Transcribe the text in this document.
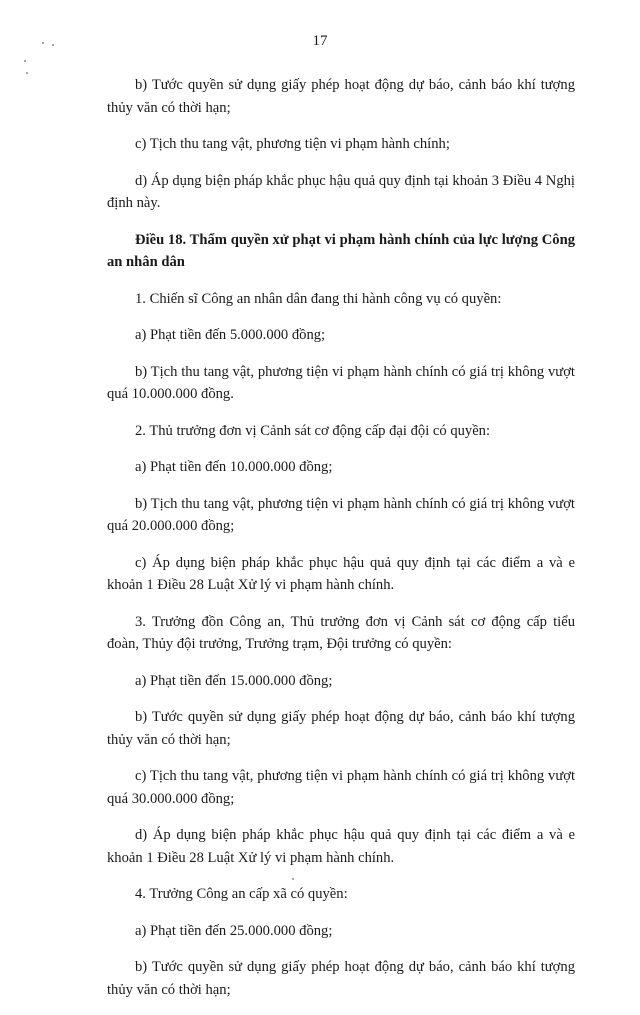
17

b) Tước quyền sử dụng giấy phép hoạt động dự báo, cảnh báo khí tượng thủy văn có thời hạn;

c) Tịch thu tang vật, phương tiện vi phạm hành chính;

d) Áp dụng biện pháp khắc phục hậu quả quy định tại khoản 3 Điều 4 Nghị định này.

Điều 18. Thẩm quyền xử phạt vi phạm hành chính của lực lượng Công an nhân dân

1. Chiến sĩ Công an nhân dân đang thi hành công vụ có quyền:

a) Phạt tiền đến 5.000.000 đồng;

b) Tịch thu tang vật, phương tiện vi phạm hành chính có giá trị không vượt quá 10.000.000 đồng.

2. Thủ trưởng đơn vị Cảnh sát cơ động cấp đại đội có quyền:

a) Phạt tiền đến 10.000.000 đồng;

b) Tịch thu tang vật, phương tiện vi phạm hành chính có giá trị không vượt quá 20.000.000 đồng;

c) Áp dụng biện pháp khắc phục hậu quả quy định tại các điểm a và e khoản 1 Điều 28 Luật Xử lý vi phạm hành chính.

3. Trưởng đồn Công an, Thủ trưởng đơn vị Cảnh sát cơ động cấp tiểu đoàn, Thủy đội trưởng, Trưởng trạm, Đội trưởng có quyền:

a) Phạt tiền đến 15.000.000 đồng;

b) Tước quyền sử dụng giấy phép hoạt động dự báo, cảnh báo khí tượng thủy văn có thời hạn;

c) Tịch thu tang vật, phương tiện vi phạm hành chính có giá trị không vượt quá 30.000.000 đồng;

d) Áp dụng biện pháp khắc phục hậu quả quy định tại các điểm a và e khoản 1 Điều 28 Luật Xử lý vi phạm hành chính.

4. Trưởng Công an cấp xã có quyền:

a) Phạt tiền đến 25.000.000 đồng;

b) Tước quyền sử dụng giấy phép hoạt động dự báo, cảnh báo khí tượng thủy văn có thời hạn;
